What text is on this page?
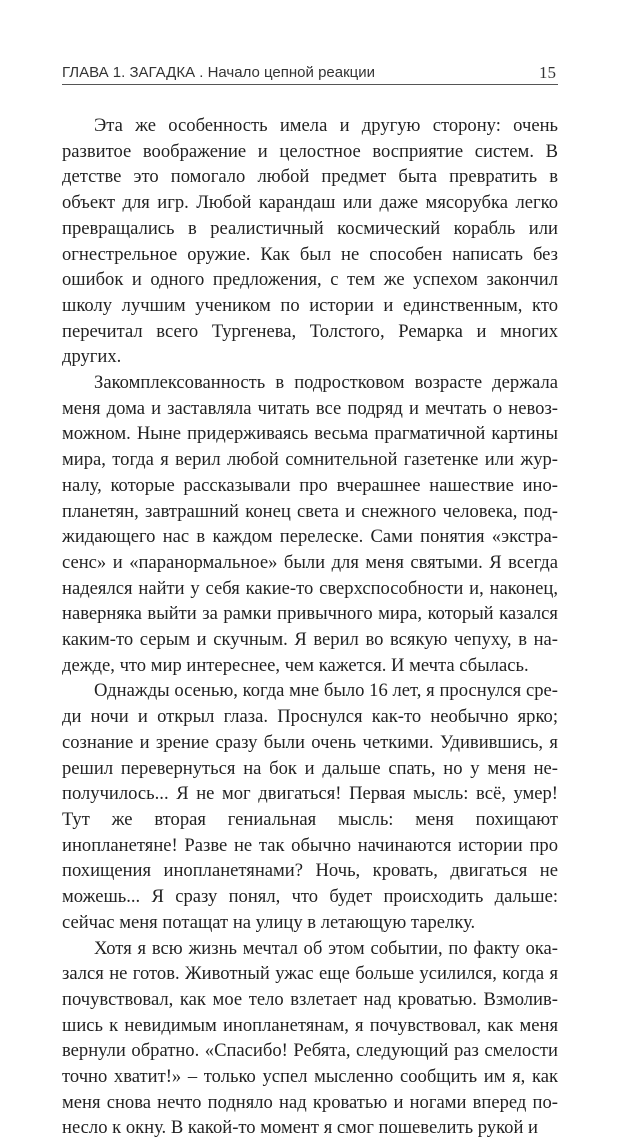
ГЛАВА 1. ЗАГАДКА . Начало цепной реакции	15

Эта же особенность имела и другую сторону: очень развитое воображение и целостное восприятие систем. В детстве это помогало любой предмет быта превратить в объект для игр. Любой карандаш или даже мясорубка легко превращались в реалистичный космический корабль или огнестрельное оружие. Как был не способен написать без ошибок и одного предложения, с тем же успехом закончил школу лучшим учеником по истории и единственным, кто перечитал всего Тургенева, Толстого, Ремарка и многих других.

Закомплексованность в подростковом возрасте держала меня дома и заставляла читать все подряд и мечтать о невозможном. Ныне придерживаясь весьма прагматичной картины мира, тогда я верил любой сомнительной газетенке или журналу, которые рассказывали про вчерашнее нашествие инопланетян, завтрашний конец света и снежного человека, поджидающего нас в каждом перелеске. Сами понятия «экстрасенс» и «паранормальное» были для меня святыми. Я всегда надеялся найти у себя какие-то сверхспособности и, наконец, наверняка выйти за рамки привычного мира, который казался каким-то серым и скучным. Я верил во всякую чепуху, в надежде, что мир интереснее, чем кажется. И мечта сбылась.

Однажды осенью, когда мне было 16 лет, я проснулся среди ночи и открыл глаза. Проснулся как-то необычно ярко; сознание и зрение сразу были очень четкими. Удивившись, я решил перевернуться на бок и дальше спать, но у меня неполучилось... Я не мог двигаться! Первая мысль: всё, умер! Тут же вторая гениальная мысль: меня похищают инопланетяне! Разве не так обычно начинаются истории про похищения инопланетянами? Ночь, кровать, двигаться не можешь... Я сразу понял, что будет происходить дальше: сейчас меня потащат на улицу в летающую тарелку.

Хотя я всю жизнь мечтал об этом событии, по факту оказался не готов. Животный ужас еще больше усилился, когда я почувствовал, как мое тело взлетает над кроватью. Взмолившись к невидимым инопланетянам, я почувствовал, как меня вернули обратно. «Спасибо! Ребята, следующий раз смелости точно хватит!» – только успел мысленно сообщить им я, как меня снова нечто подняло над кроватью и ногами вперед понесло к окну. В какой-то момент я смог пошевелить рукой и
